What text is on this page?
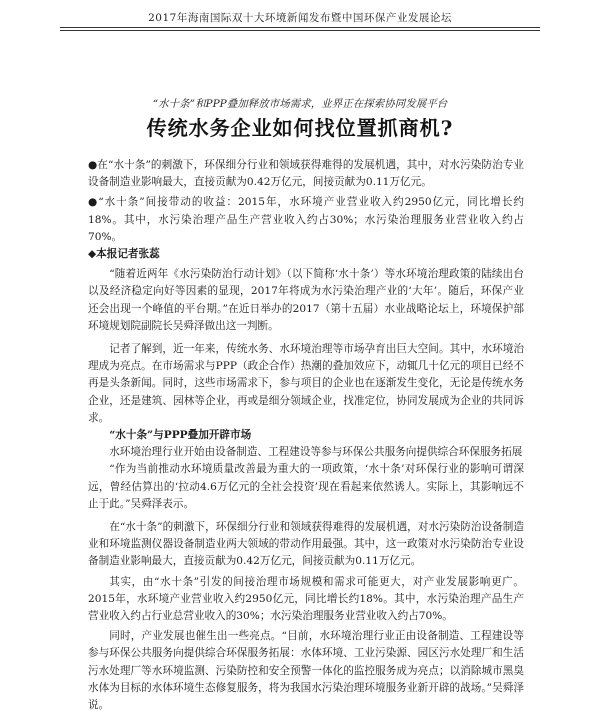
2017年海南国际双十大环境新闻发布暨中国环保产业发展论坛
“水十条”和PPP叠加释放市场需求，业界正在探索协同发展平台
传统水务企业如何找位置抓商机?

●在“水十条”的刺激下，环保细分行业和领域获得难得的发展机遇，其中，对水污染防治专业设备制造业影响最大，直接贡献为0.42万亿元，间接贡献为0.11万亿元。

●“水十条”间接带动的收益：2015年，水环境产业营业收入约2950亿元，同比增长约18%。其中，水污染治理产品生产营业收入约占30%；水污染治理服务业营业收入约占70%。

◆本报记者张蕊

“随着近两年《水污染防治行动计划》（以下简称‘水十条’）等水环境治理政策的陆续出台以及经济稳定向好等因素的显现，2017年将成为水污染治理产业的‘大年’。随后，环保产业还会出现一个峰值的平台期。”在近日举办的2017（第十五届）水业战略论坛上，环境保护部环境规划院副院长吴舜泽做出这一判断。

记者了解到，近一年来，传统水务、水环境治理等市场孕育出巨大空间。其中，水环境治理成为亮点。在市场需求与PPP（政企合作）热潮的叠加效应下，动辄几十亿元的项目已经不再是头条新闻。同时，这些市场需求下，参与项目的企业也在逐渐发生变化，无论是传统水务企业，还是建筑、园林等企业，再或是细分领域企业，找准定位，协同发展成为企业的共同诉求。

“水十条”与PPP叠加开辟市场

水环境治理行业开始由设备制造、工程建设等参与环保公共服务向提供综合环保服务拓展

“作为当前推动水环境质量改善最为重大的一项政策，‘水十条’对环保行业的影响可谓深远，曾经估算出的‘拉动4.6万亿元的全社会投资’现在看起来依然诱人。实际上，其影响远不止于此。”吴舜泽表示。

在“水十条”的刺激下，环保细分行业和领域获得难得的发展机遇，对水污染防治设备制造业和环境监测仪器设备制造业两大领域的带动作用最强。其中，这一政策对水污染防治专业设备制造业影响最大，直接贡献为0.42万亿元，间接贡献为0.11万亿元。

其实，由“水十条”引发的间接治理市场规模和需求可能更大，对产业发展影响更广。2015年，水环境产业营业收入约2950亿元，同比增长约18%。其中，水污染治理产品生产营业收入约占行业总营业收入的30%；水污染治理服务业营业收入约占70%。

同时，产业发展也催生出一些亮点。“目前，水环境治理行业正由设备制造、工程建设等参与环保公共服务向提供综合环保服务拓展：水体环境、工业污染源、园区污水处理厂和生活污水处理厂等水环境监测、污染防控和安全预警一体化的监控服务成为亮点；以消除城市黑臭水体为目标的水体环境生态修复服务，将为我国水污染治理环境服务业新开辟的战场。”吴舜泽说。
